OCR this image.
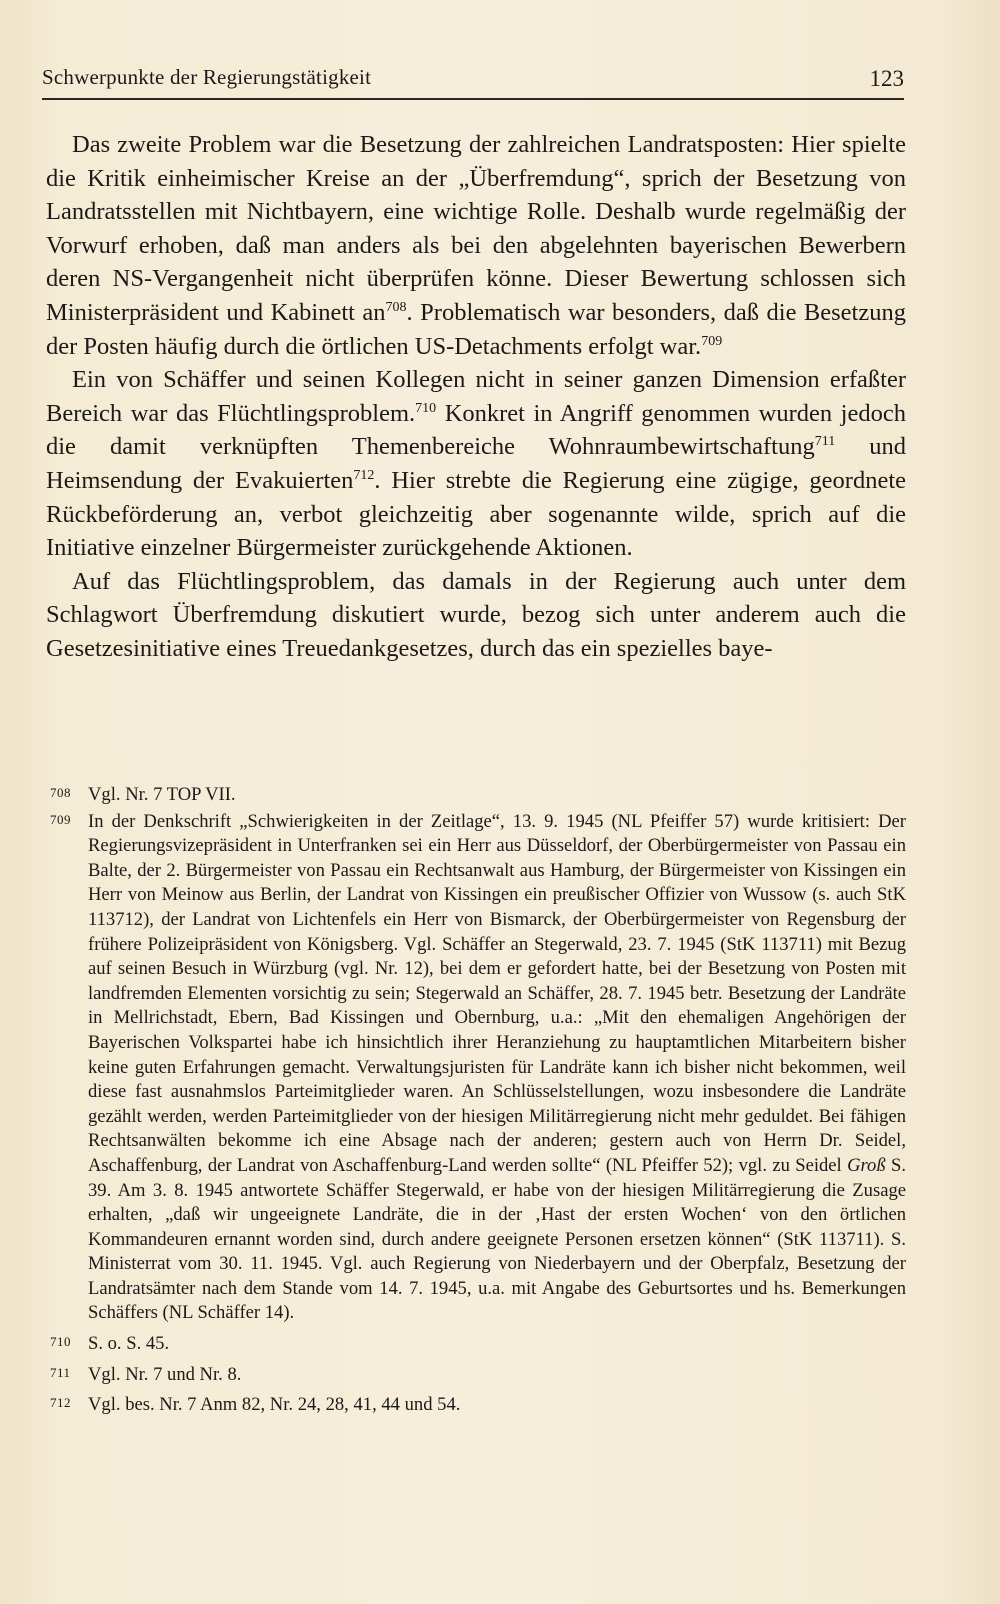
Schwerpunkte der Regierungstätigkeit	123

Das zweite Problem war die Besetzung der zahlreichen Landratsposten: Hier spielte die Kritik einheimischer Kreise an der „Überfremdung“, sprich der Besetzung von Landratsstellen mit Nichtbayern, eine wichtige Rolle. Deshalb wurde regelmäßig der Vorwurf erhoben, daß man anders als bei den abgelehnten bayerischen Bewerbern deren NS-Vergangenheit nicht überprüfen könne. Dieser Bewertung schlossen sich Ministerpräsident und Kabinett $an^{708}$. Problematisch war besonders, daß die Besetzung der Posten häufig durch die örtlichen US-Detachments erfolgt war.$^{709}$

Ein von Schäffer und seinen Kollegen nicht in seiner ganzen Dimension erfaßter Bereich war das Flüchtlingsproblem.$^{710}$ Konkret in Angriff genommen wurden jedoch die damit verknüpften Themenbereiche Wohnraumbewirtschaftung$^{711}$ und Heimsendung der Evakuierten$^{712}$. Hier strebte die Regierung eine zügige, geordnete Rückbeförderung an, verbot gleichzeitig aber sogenannte wilde, sprich auf die Initiative einzelner Bürgermeister zurückgehende Aktionen.

Auf das Flüchtlingsproblem, das damals in der Regierung auch unter dem Schlagwort Überfremdung diskutiert wurde, bezog sich unter anderem auch die Gesetzesinitiative eines Treuedankgesetzes, durch das ein spezielles baye-

708 Vgl. Nr. 7 TOP VII.
709 In der Denkschrift „Schwierigkeiten in der Zeitlage“, 13. 9. 1945 (NL Pfeiffer 57) wurde kritisiert: Der Regierungsvizepräsident in Unterfranken sei ein Herr aus Düsseldorf, der Oberbürgermeister von Passau ein Balte, der 2. Bürgermeister von Passau ein Rechtsanwalt aus Hamburg, der Bürgermeister von Kissingen ein Herr von Meinow aus Berlin, der Landrat von Kissingen ein preußischer Offizier von Wussow (s. auch StK 113712), der Landrat von Lichtenfels ein Herr von Bismarck, der Oberbürgermeister von Regensburg der frühere Polizeipräsident von Königsberg. Vgl. Schäffer an Stegerwald, 23. 7. 1945 (StK 113711) mit Bezug auf seinen Besuch in Würzburg (vgl. Nr. 12), bei dem er gefordert hatte, bei der Besetzung von Posten mit landfremden Elementen vorsichtig zu sein; Stegerwald an Schäffer, 28. 7. 1945 betr. Besetzung der Landräte in Mellrichstadt, Ebern, Bad Kissingen und Obernburg, u.a.: „Mit den ehemaligen Angehörigen der Bayerischen Volkspartei habe ich hinsichtlich ihrer Heranziehung zu hauptamtlichen Mitarbeitern bisher keine guten Erfahrungen gemacht. Verwaltungsjuristen für Landräte kann ich bisher nicht bekommen, weil diese fast ausnahmslos Parteimitglieder waren. An Schlüsselstellungen, wozu insbesondere die Landräte gezählt werden, werden Parteimitglieder von der hiesigen Militärregierung nicht mehr geduldet. Bei fähigen Rechtsanwälten bekomme ich eine Absage nach der anderen; gestern auch von Herrn Dr. Seidel, Aschaffenburg, der Landrat von Aschaffenburg-Land werden sollte“ (NL Pfeiffer 52); vgl. zu Seidel Groß S. 39. Am 3. 8. 1945 antwortete Schäffer Stegerwald, er habe von der hiesigen Militärregierung die Zusage erhalten, „daß wir ungeeignete Landräte, die in der ‚Hast der ersten Wochen‘ von den örtlichen Kommandeuren ernannt worden sind, durch andere geeignete Personen ersetzen können“ (StK 113711). S. Ministerrat vom 30. 11. 1945. Vgl. auch Regierung von Niederbayern und der Oberpfalz, Besetzung der Landratsämter nach dem Stande vom 14. 7. 1945, u.a. mit Angabe des Geburtsortes und hs. Bemerkungen Schäffers (NL Schäffer 14).
710 S. o. S. 45.
711 Vgl. Nr. 7 und Nr. 8.
712 Vgl. bes. Nr. 7 Anm 82, Nr. 24, 28, 41, 44 und 54.
